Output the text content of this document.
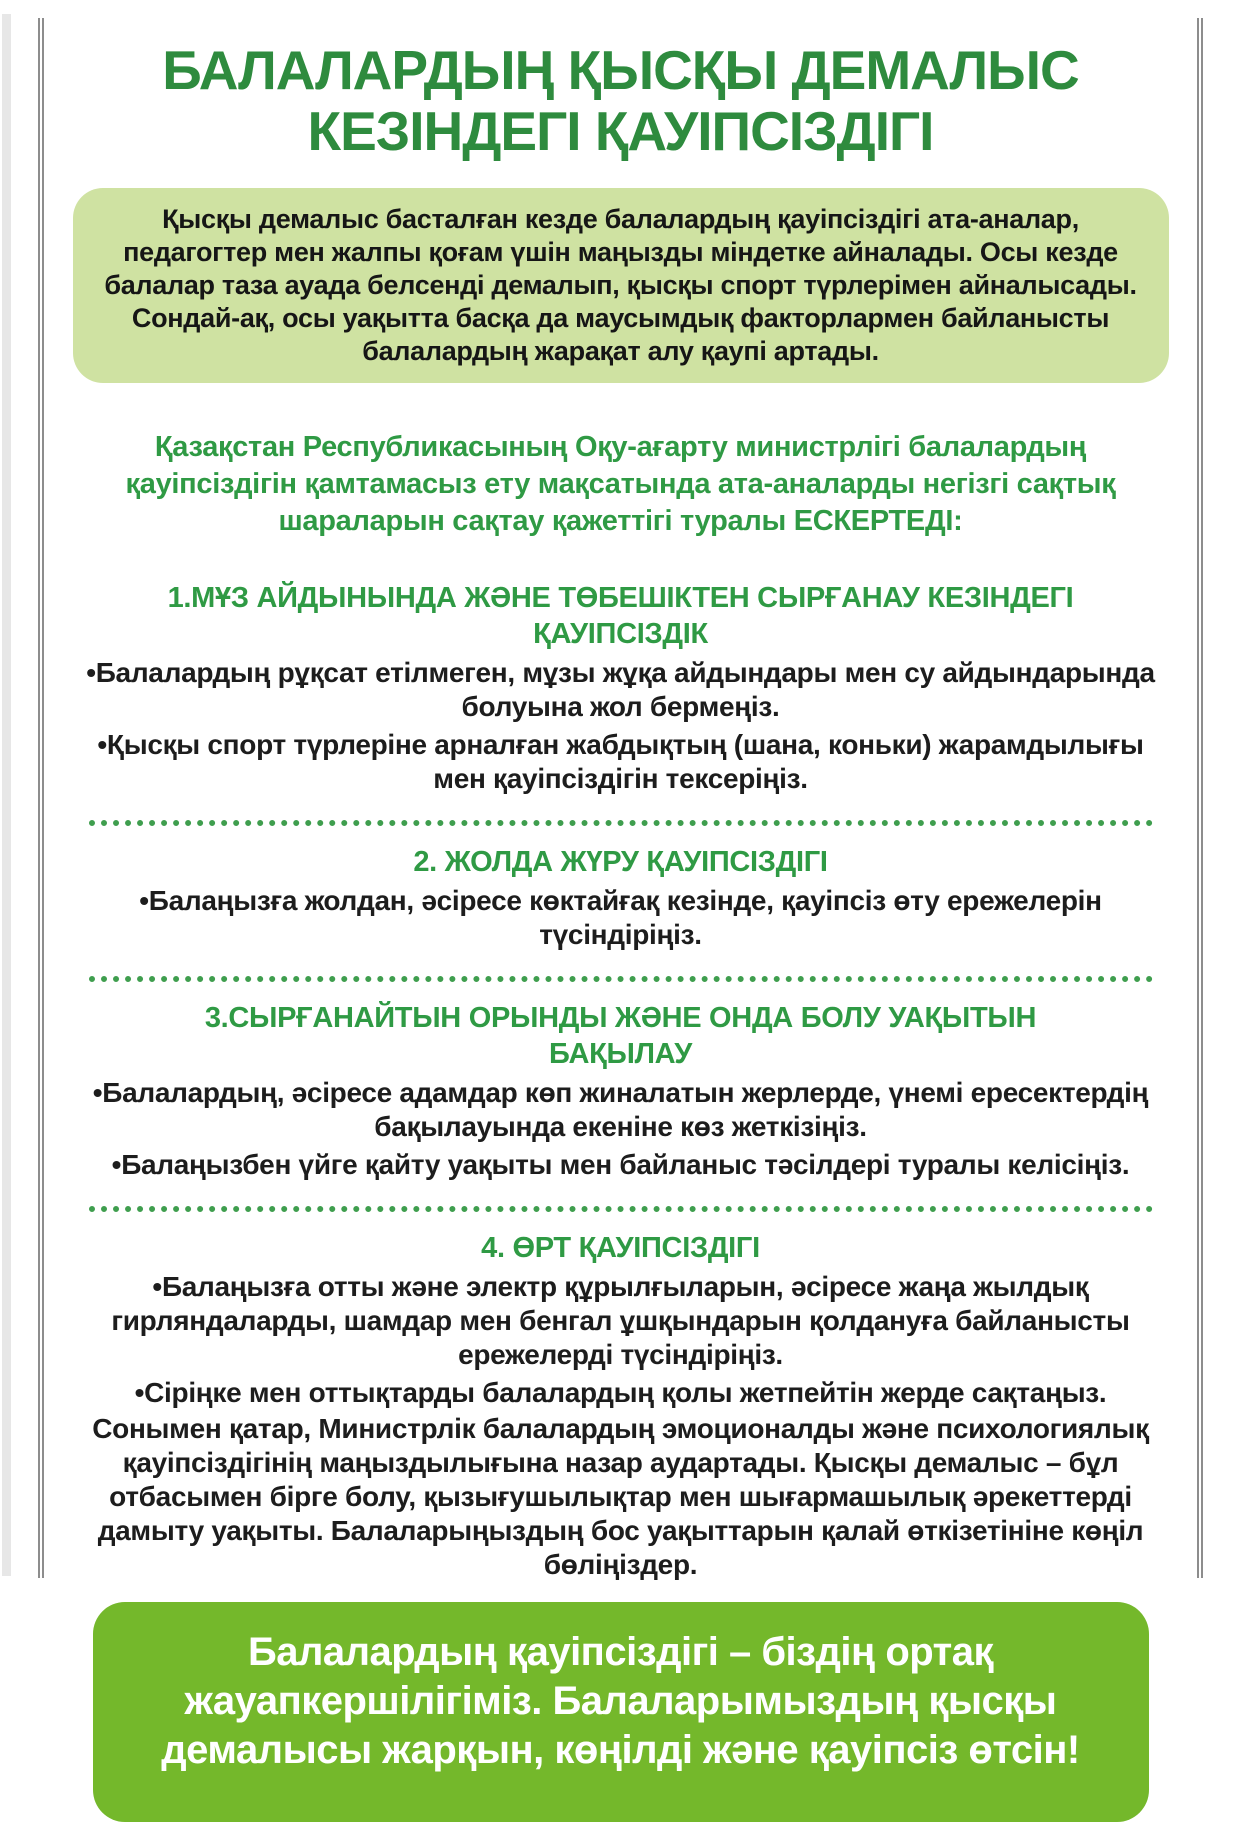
БАЛАЛАРДЫҢ ҚЫСҚЫ ДЕМАЛЫС КЕЗІНДЕГІ ҚАУІПСІЗДІГІ

Қысқы демалыс басталған кезде балалардың қауіпсіздігі ата-аналар, педагогтер мен жалпы қоғам үшін маңызды міндетке айналады. Осы кезде балалар таза ауада белсенді демалып, қысқы спорт түрлерімен айналысады. Сондай-ақ, осы уақытта басқа да маусымдық факторлармен байланысты балалардың жарақат алу қаупі артады.

Қазақстан Республикасының Оқу-ағарту министрлігі балалардың қауіпсіздігін қамтамасыз ету мақсатында ата-аналарды негізгі сақтық шараларын сақтау қажеттігі туралы ЕСКЕРТЕДІ:

1.МҰЗ АЙДЫНЫНДА ЖӘНЕ ТӨБЕШІКТЕН СЫРҒАНАУ КЕЗІНДЕГІ ҚАУІПСІЗДІК

• Балалардың рұқсат етілмеген, мұзы жұқа айдындары мен су айдындарында болуына жол бермеңіз.

• Қысқы спорт түрлеріне арналған жабдықтың (шана, коньки) жарамдылығы мен қауіпсіздігін тексеріңіз.

2. ЖОЛДА ЖҮРУ ҚАУІПСІЗДІГІ

• Балаңызға жолдан, әсіресе көктайғақ кезінде, қауіпсіз өту ережелерін түсіндіріңіз.

3.СЫРҒАНАЙТЫН ОРЫНДЫ ЖӘНЕ ОНДА БОЛУ УАҚЫТЫН БАҚЫЛАУ

• Балалардың, әсіресе адамдар көп жиналатын жерлерде, үнемі ересектердің бақылауында екеніне көз жеткізіңіз.

• Балаңызбен үйге қайту уақыты мен байланыс тәсілдері туралы келісіңіз.

4. ӨРТ ҚАУІПСІЗДІГІ

• Балаңызға отты және электр құрылғыларын, әсіресе жаңа жылдық гирляндаларды, шамдар мен бенгал ұшқындарын қолдануға байланысты ережелерді түсіндіріңіз.

• Сіріңке мен оттықтарды балалардың қолы жетпейтін жерде сақтаңыз.

Сонымен қатар, Министрлік балалардың эмоционалды және психологиялық қауіпсіздігінің маңыздылығына назар аудартады. Қысқы демалыс – бұл отбасымен бірге болу, қызығушылықтар мен шығармашылық әрекеттерді дамыту уақыты. Балаларыңыздың бос уақыттарын қалай өткізетініне көңіл бөліңіздер.

Балалардың қауіпсіздігі – біздің ортақ жауапкершілігіміз. Балаларымыздың қысқы демалысы жарқын, көңілді және қауіпсіз өтсін!
